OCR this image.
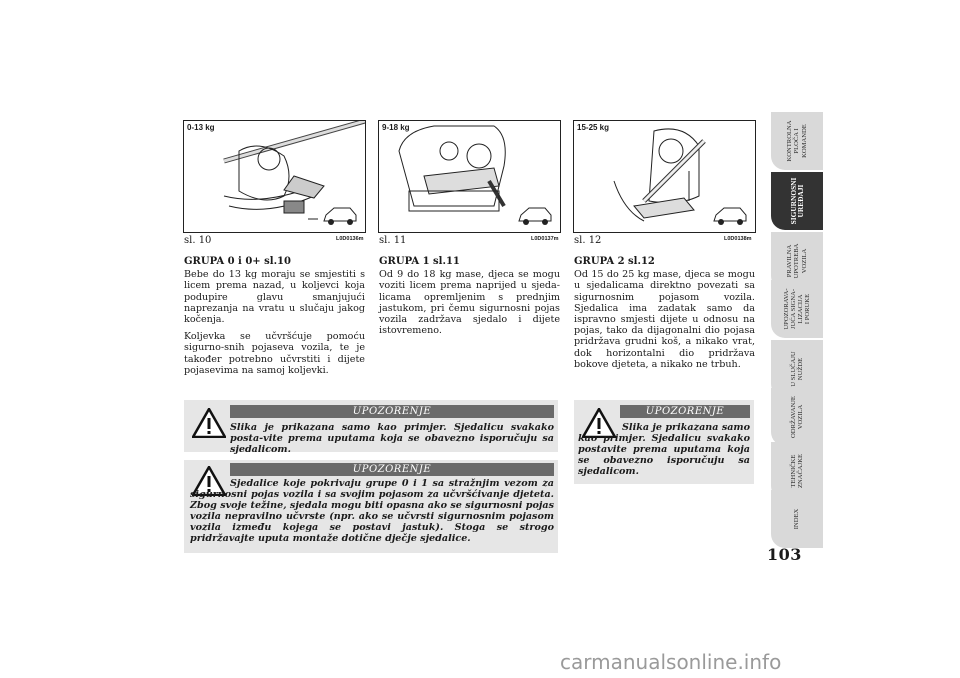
0-13 kg
sl. 10	L0D0136m
9-18 kg
sl. 11	L0D0137m
15-25 kg
sl. 12	L0D0138m
GRUPA 0 i 0+ sl.10

Bebe do 13 kg moraju se smjestiti s licem prema nazad, u koljevci koja podupire glavu smanjujući naprezanja na vratu u slučaju jakog kočenja.

Koljevka se učvršćuje pomoću sigurno-snih pojaseva vozila, te je također potrebno učvrstiti i dijete pojasevima na samoj koljevki.

GRUPA 1 sl.11

Od 9 do 18 kg mase, djeca se mogu voziti licem prema naprijed u sjeda-licama opremljenim s prednjim jastukom, pri čemu sigurnosni pojas vozila zadržava sjedalo i dijete istovremeno.

GRUPA 2 sl.12

Od 15 do 25 kg mase, djeca se mogu u sjedalicama direktno povezati sa sigurnosnim pojasom vozila. Sjedalica ima zadatak samo da ispravno smjesti dijete u odnosu na pojas, tako da dijagonalni dio pojasa pridržava grudni koš, a nikako vrat, dok horizontalni dio pridržava bokove djeteta, a nikako ne trbuh.

UPOZORENJE
Slika je prikazana samo kao primjer. Sjedalicu svakako posta-vite prema uputama koja se obavezno isporučuju sa sjedalicom.
UPOZORENJE
Sjedalice koje pokrivaju grupe 0 i 1 sa stražnjim vezom za sigurnosni pojas vozila i sa svojim pojasom za učvršćivanje djeteta. Zbog svoje težine, sjedala mogu biti opasna ako se sigurnosni pojas vozila nepravilno učvrste (npr. ako se učvrsti sigurnosnim pojasom vozila između kojega se postavi jastuk). Stoga se strogo pridržavajte uputa montaže dotične dječje sjedalice.
UPOZORENJE
Slika je prikazana samo kao primjer. Sjedalicu svakako postavite prema uputama koja se obavezno isporučuju sa sjedalicom.
KONTROLNA
PLOČA I
KOMANDE
SIGURNOSNI
UREĐAJI
PRAVILNA
UPOTREBA
VOZILA
UPOZORAVA-
JUĆA SIGNA-
LIZACIJA
I PORUKE
U SLUČAJU
NUŽDE
ODRŽAVANJE
VOZILA
TEHNIČKE
ZNAČAJKE
INDEX
103
carmanualsonline.info
